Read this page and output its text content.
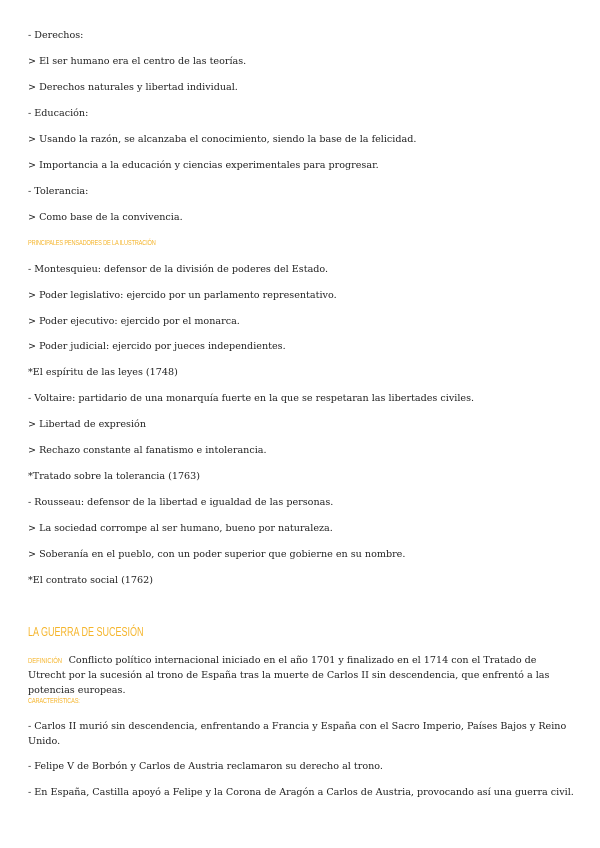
- Derechos:
> El ser humano era el centro de las teorías.
> Derechos naturales y libertad individual.
- Educación:
> Usando la razón, se alcanzaba el conocimiento, siendo la base de la felicidad.
> Importancia a la educación y ciencias experimentales para progresar.
- Tolerancia:
> Como base de la convivencia.
PRINCIPALES PENSADORES DE LA ILUSTRACIÓN
- Montesquieu: defensor de la división de poderes del Estado.
> Poder legislativo: ejercido por un parlamento representativo.
> Poder ejecutivo: ejercido por el monarca.
> Poder judicial: ejercido por jueces independientes.
*El espíritu de las leyes (1748)
- Voltaire: partidario de una monarquía fuerte en la que se respetaran las libertades civiles.
> Libertad de expresión
> Rechazo constante al fanatismo e intolerancia.
*Tratado sobre la tolerancia (1763)
- Rousseau: defensor de la libertad e igualdad de las personas.
> La sociedad corrompe al ser humano, bueno por naturaleza.
> Soberanía en el pueblo, con un poder superior que gobierne en su nombre.
*El contrato social (1762)
LA GUERRA DE SUCESIÓN
DEFINICIÓN Conflicto político internacional iniciado en el año 1701 y finalizado en el 1714 con el Tratado de Utrecht por la sucesión al trono de España tras la muerte de Carlos II sin descendencia, que enfrentó a las potencias europeas.
CARACTERÍSTICAS:
- Carlos II murió sin descendencia, enfrentando a Francia y España con el Sacro Imperio, Países Bajos y Reino Unido.
- Felipe V de Borbón y Carlos de Austria reclamaron su derecho al trono.
- En España, Castilla apoyó a Felipe y la Corona de Aragón a Carlos de Austria, provocando así una guerra civil.
